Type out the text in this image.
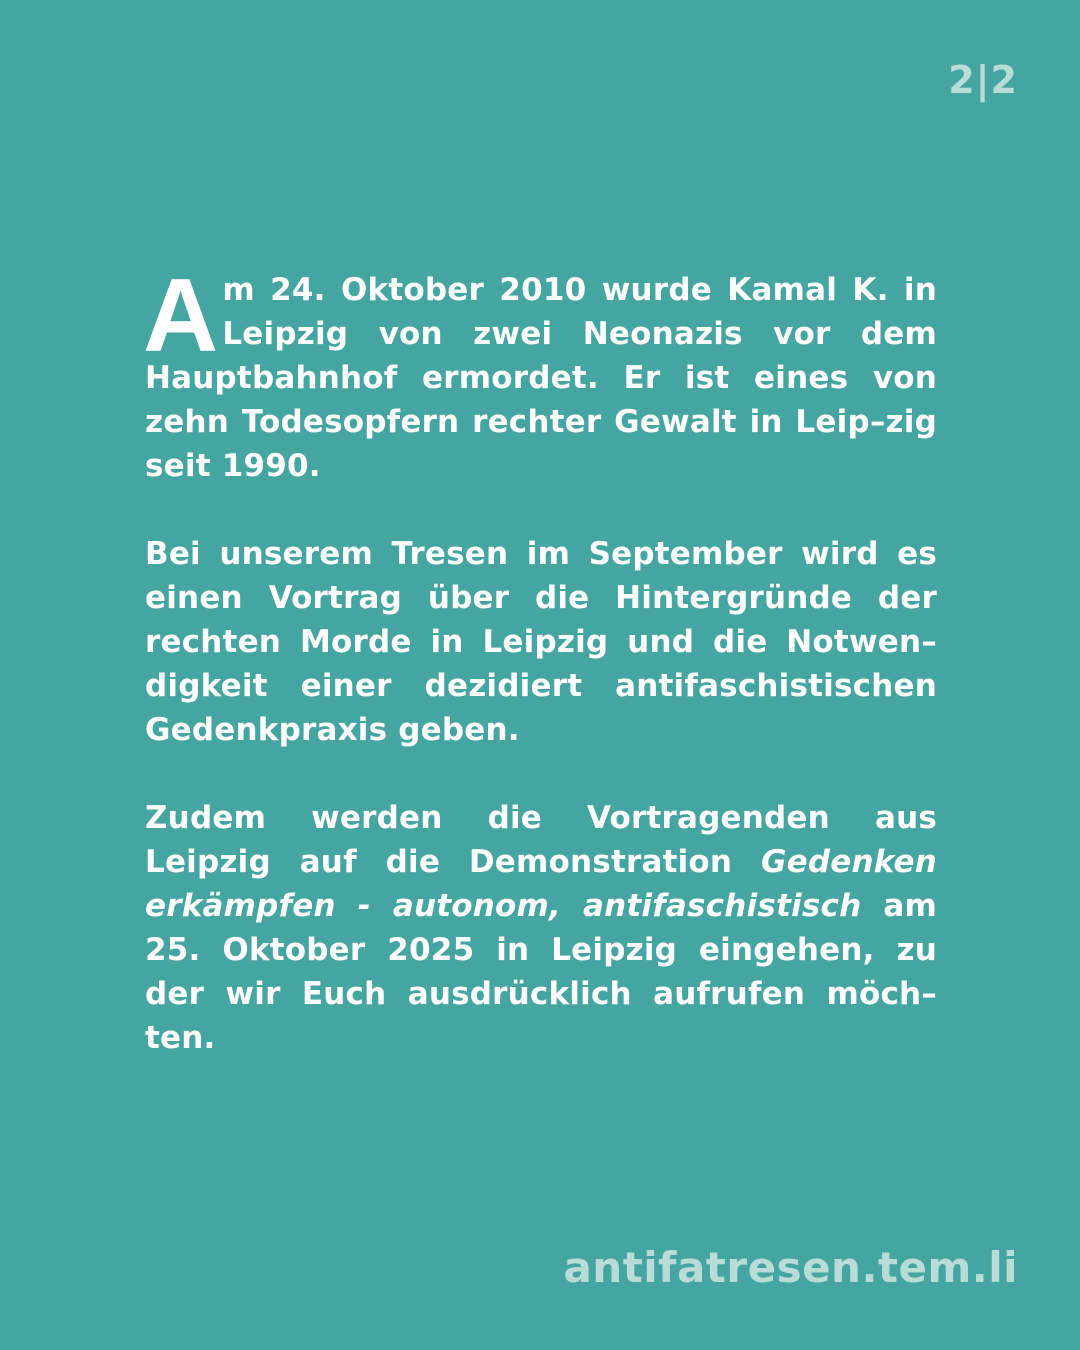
2|2

Am 24. Oktober 2010 wurde Kamal K. in Leipzig von zwei Neonazis vor dem Hauptbahnhof ermordet. Er ist eines von zehn Todesopfern rechter Gewalt in Leip–zig seit 1990.

Bei unserem Tresen im September wird es einen Vortrag über die Hintergründe der rechten Morde in Leipzig und die Notwen–digkeit einer dezidiert antifaschistischen Gedenkpraxis geben.

Zudem werden die Vortragenden aus Leipzig auf die Demonstration Gedenken erkämpfen - autonom, antifaschistisch am 25. Oktober 2025 in Leipzig eingehen, zu der wir Euch ausdrücklich aufrufen möch–ten.

antifatresen.tem.li
